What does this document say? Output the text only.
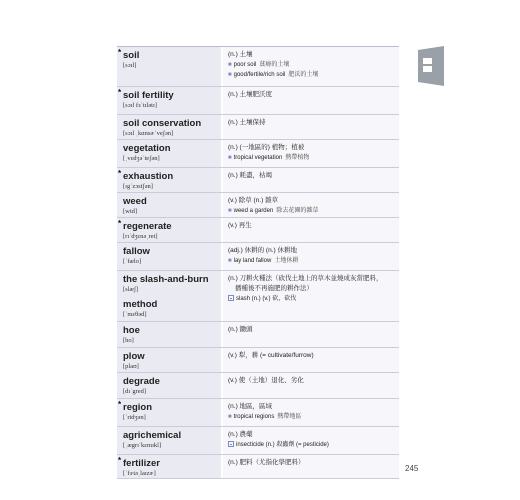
* soil
[sɔɪl]
(n.) 土壤
■ poor soil 貧瘠的土壤
■ good/fertile/rich soil 肥沃的土壤
* soil fertility
[sɔɪl fɜˈtɪlətɪ]
(n.) 土壤肥沃度
soil conservation
[sɔɪl ˌkɑnsɚˈveʃən]
(n.) 土壤保持
vegetation
[ˌvɛdʒəˈteʃən]
(n.) (一地區的) 植物；植被
■ tropical vegetation 熱帶植物
* exhaustion
[ɪgˈzɔstʃən]
(n.) 耗盡，枯竭
weed
[wid]
(v.) 除草 (n.) 雜草
■ weed a garden 除去花園的雜草
* regenerate
[rɪˈdʒɛnəˌret]
(v.) 再生
fallow
[ˈfælo]
(adj.) 休耕的 (n.) 休耕地
■ lay land fallow 土地休耕
the slash-and-burn
[slæʃ]
method
[ˈmɛθəd]
(n.) 刀耕火種法（砍伐土地上的草木並燒成灰當肥料，
播種後不再施肥的耕作法）
slash (n.) (v.) 砍，砍伐
hoe
[ho]
(n.) 鋤頭
plow
[plaʊ]
(v.) 犁，耕 (= cultivate/furrow)
degrade
[dɪˈgred]
(v.) 使（土地）退化、劣化
* region
[ˈridʒən]
(n.) 地區，區域
■ tropical regions 熱帶地區
agrichemical
[ˌægrɪˈkɛmɪkl]
(n.) 農藥
insecticide (n.) 殺蟲劑 (= pesticide)
* fertilizer
[ˈfɝtəˌlaɪzɚ]
(n.) 肥料（尤指化學肥料）
245
